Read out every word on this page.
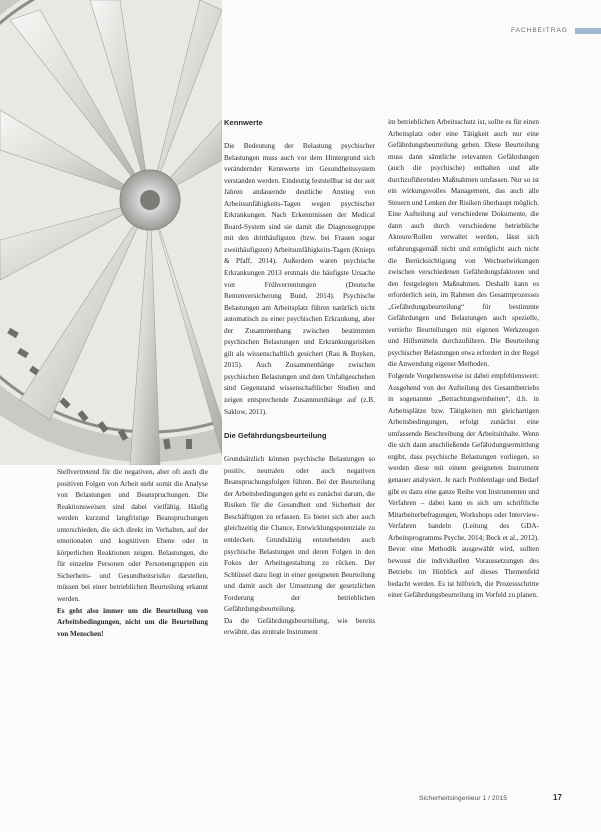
FACHBEITRAG

Stellvertretend für die negativen, aber oft auch die positiven Folgen von Arbeit steht somit die Analyse von Belastungen und Beanspruchungen. Die Reaktionsweisen sind dabei vielfältig. Häufig werden kurzund langfristige Beanspruchungen unterschieden, die sich direkt im Verhalten, auf der emotionalen und kognitiven Ebene oder in körperlichen Reaktionen zeigen. Belastungen, die für einzelne Personen oder Personengruppen ein Sicherheits- und Gesundheitsrisiko darstellen, müssen bei einer betrieblichen Beurteilung erkannt werden.

Es geht also immer um die Beurteilung von Arbeitsbedingungen, nicht um die Beurteilung von Menschen!

Kennwerte

Die Bedeutung der Belastung psychischer Belastungen muss auch vor dem Hintergrund sich verändernder Kennwerte im Gesundheitssystem verstanden werden. Eindeutig feststellbar ist der seit Jahren andauernde deutliche Anstieg von Arbeitsunfähigkeits-Tagen wegen psychischer Erkrankungen. Nach Erkenntnissen der Medical Board-System sind sie damit die Diagnosegruppe mit den dritthäufigsten (bzw. bei Frauen sogar zweithäufigsten) Arbeitsunfähigkeits-Tagen (Knieps & Pfaff, 2014). Außerdem waren psychische Erkrankungen 2013 erstmals die häufigste Ursache von Frühverrentungen (Deutsche Rentenversicherung Bund, 2014). Psychische Belastungen am Arbeitsplatz führen natürlich nicht automatisch zu einer psychischen Erkrankung, aber der Zusammenhang zwischen bestimmten psychischen Belastungen und Erkrankungsrisiken gilt als wissenschaftlich gesichert (Rau & Buyken, 2015). Auch Zusammenhänge zwischen psychischen Belastungen und dem Unfallgeschehen sind Gegenstand wissenschaftlicher Studien und zeigen entsprechende Zusammenhänge auf (z.B. Saklow, 2011).

Die Gefährdungsbeurteilung

Grundsätzlich können psychische Belastungen so positiv, neutralen oder auch negativen Beanspruchungsfolgen führen. Bei der Beurteilung der Arbeitsbedingungen geht es zunächst darum, die Risiken für die Gesundheit und Sicherheit der Beschäftigten zu erfassen. Es bietet sich aber auch gleichzeitig die Chance, Entwicklungspotenziale zu entdecken. Grundsätzig entstehenden auch psychische Belastungen und deren Folgen in den Fokus der Arbeitsgestaltung zu rücken. Der Schlüssel dazu liegt in einer geeigneten Beurteilung und damit auch der Umsetzung der gesetzlichen Forderung der betrieblichen Gefährdungsbeurteilung.

Da die Gefährdungsbeurteilung, wie bereits erwähnt, das zentrale Instrument

im betrieblichen Arbeitsschutz ist, sollte es für einen Arbeitsplatz oder eine Tätigkeit auch nur eine Gefährdungsbeurteilung geben. Diese Beurteilung muss dann sämtliche relevanten Gefährdungen (auch die psychische) enthalten und alle durchzuführenden Maßnahmen umfassen. Nur so ist ein wirkungsvolles Management, das auch alle Steuern und Lenken der Risiken überhaupt möglich. Eine Aufteilung auf verschiedene Dokumente, die dann auch durch verschiedene betriebliche Akteure/Rollen verwaltet werden, lässt sich erfahrungsgemäß nicht und ermöglicht auch nicht die Berücksichtigung von Wechselwirkungen zwischen verschiedenen Gefährdungsfaktoren und den festgelegten Maßnahmen. Deshalb kann es erforderlich sein, im Rahmen des Gesamtprozesses „Gefährdungsbeurteilung“ für bestimmte Gefährdungen und Belastungen auch spezielle, vertiefte Beurteilungen mit eigenen Werkzeugen und Hilfsmitteln durchzuführen. Die Beurteilung psychischer Belastungen etwa erfordert in der Regel die Anwendung eigener Methoden.

Folgende Vorgehensweise ist dabei empfehlenswert: Ausgehend von der Aufteilung des Gesamtbetriebs in sogenannte „Betrachtungseinheiten“, d.h. in Arbeitsplätze bzw. Tätigkeiten mit gleichartigen Arbeitsbedingungen, erfolgt zunächst eine umfassende Beschreibung der Arbeitsinhalte. Wenn die sich dann anschließende Gefährdungsermittlung ergibt, dass psychische Belastungen vorliegen, so werden diese mit einem geeigneten Instrument genauer analysiert. Je nach Problemlage und Bedarf gibt es dazu eine ganze Reihe von Instrumenten und Verfahren – dabei kann es sich um schriftliche Mitarbeiterbefragungen, Workshops oder Interview-Verfahren handeln (Leitung des GDA-Arbeitsprogramms Psyche, 2014; Beck et al., 2012). Bevor eine Methodik ausgewählt wird, sollten bewusst die individuellen Voraussetzungen des Betriebs im Hinblick auf dieses Themenfeld bedacht werden. Es ist hilfreich, die Prozessschritte einer Gefährdungsbeurteilung im Vorfeld zu planen.

Sicherheitsingenieur 1 / 2015	17
